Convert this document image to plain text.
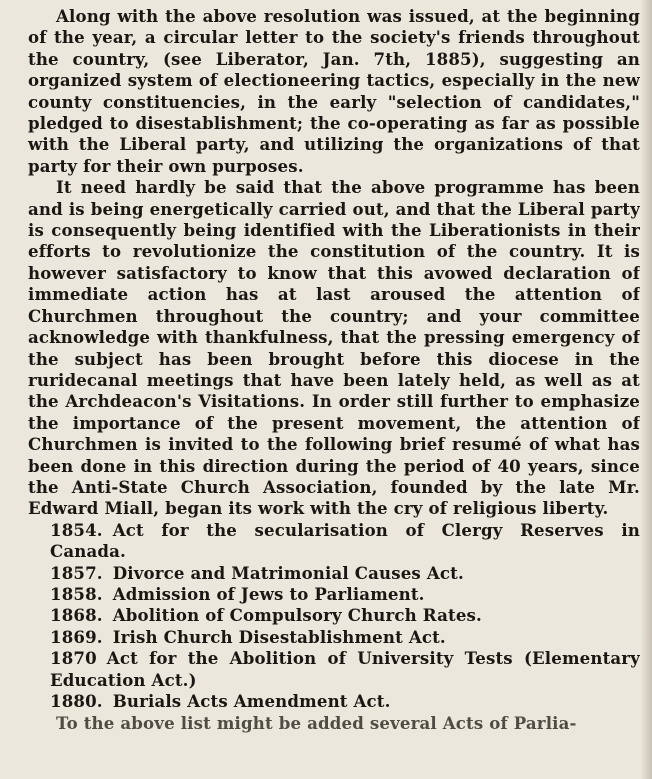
Along with the above resolution was issued, at the beginning of the year, a circular letter to the society's friends throughout the country, (see Liberator, Jan. 7th, 1885), suggesting an organized system of electioneering tactics, especially in the new county constituencies, in the early "selection of candidates," pledged to disestablishment; the co-operating as far as possible with the Liberal party, and utilizing the organizations of that party for their own purposes.

It need hardly be said that the above programme has been and is being energetically carried out, and that the Liberal party is consequently being identified with the Liberationists in their efforts to revolutionize the constitution of the country. It is however satisfactory to know that this avowed declaration of immediate action has at last aroused the attention of Churchmen throughout the country; and your committee acknowledge with thankfulness, that the pressing emergency of the subject has been brought before this diocese in the ruridecanal meetings that have been lately held, as well as at the Archdeacon's Visitations. In order still further to emphasize the importance of the present movement, the attention of Churchmen is invited to the following brief resumé of what has been done in this direction during the period of 40 years, since the Anti-State Church Association, founded by the late Mr. Edward Miall, began its work with the cry of religious liberty.

1854. Act for the secularisation of Clergy Reserves in Canada.
1857. Divorce and Matrimonial Causes Act.
1858. Admission of Jews to Parliament.
1868. Abolition of Compulsory Church Rates.
1869. Irish Church Disestablishment Act.
1870 Act for the Abolition of University Tests (Elementary Education Act.)
1880. Burials Acts Amendment Act.
To the above list might be added several Acts of Parlia-
